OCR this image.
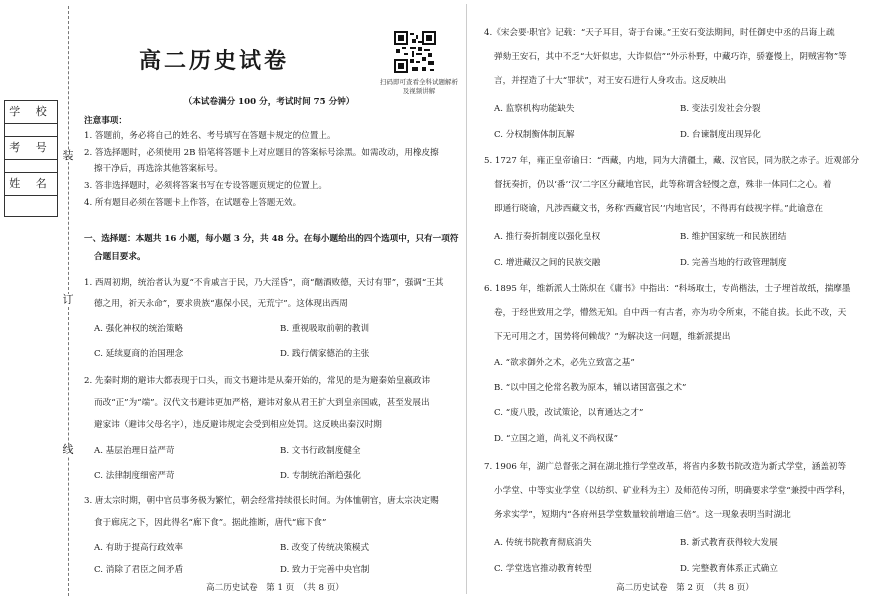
装
订
线
学 校
考 号
姓 名
高二历史试卷
扫码即可查看全科试题解析及视频讲解
（本试卷满分 100 分，考试时间 75 分钟）
注意事项：
1. 答题前，务必将自己的姓名、考号填写在答题卡规定的位置上。
2. 答选择题时，必须使用 2B 铅笔将答题卡上对应题目的答案标号涂黑。如需改动，用橡皮擦
擦干净后，再选涂其他答案标号。
3. 答非选择题时，必须将答案书写在专设答题页规定的位置上。
4. 所有题目必须在答题卡上作答，在试题卷上答题无效。
一、选择题：本题共 16 小题，每小题 3 分，共 48 分。在每小题给出的四个选项中，只有一项符
合题目要求。
1. 西周初期，统治者认为夏“不肯戚言于民，乃大淫昏”，商“酗酒败德，天讨有罪”，强调“王其
德之用，祈天永命”，要求贵族“惠保小民，无荒宁”。这体现出西周
A. 强化神权的统治策略	B. 重视吸取前朝的教训
C. 延续夏商的治国理念	D. 践行儒家德治的主张
2. 先秦时期的避讳大都表现于口头，而文书避讳是从秦开始的，常见的是为避秦始皇嬴政讳
而改“正”为“端”。汉代文书避讳更加严格，避讳对象从君王扩大到皇亲国戚，甚至发展出
避家讳（避讳父母名字），违反避讳规定会受到相应处罚。这反映出秦汉时期
A. 基层治理日益严苛	B. 文书行政制度健全
C. 法律制度细密严苛	D. 专制统治渐趋强化
3. 唐太宗时期，朝中官员事务极为繁忙，朝会经常持续很长时间。为体恤朝官，唐太宗决定赐
食于廊庑之下，因此得名“廊下食”。据此推断，唐代“廊下食”
A. 有助于提高行政效率	B. 改变了传统决策模式
C. 消除了君臣之间矛盾	D. 致力于完善中央官制
4.《宋会要·职官》记载：“天子耳目，寄于台谏。”王安石变法期间，时任御史中丞的吕诲上疏
弹劾王安石，其中不乏“大奸似忠，大诈似信”“外示朴野，中藏巧诈，骄蹇慢上，阴贼害物”等
言，并捏造了十大“罪状”，对王安石进行人身攻击。这反映出
A. 监察机构功能缺失	B. 变法引发社会分裂
C. 分权制衡体制瓦解	D. 台谏制度出现异化
5. 1727 年，雍正皇帝谕曰：“西藏，内地，同为大清疆土，藏、汉官民，同为朕之赤子。近观部分
督抚奏折，仍以‘番’‘汉’二字区分藏地官民，此等称谓含轻慢之意，殊非一体同仁之心。着
即通行晓谕，凡涉西藏文书，务称‘西藏官民’‘内地官民’，不得再有歧视字样。”此谕意在
A. 推行奏折制度以强化皇权	B. 维护国家统一和民族团结
C. 增进藏汉之间的民族交融	D. 完善当地的行政管理制度
6. 1895 年，维新派人士陈炽在《庸书》中指出：“科场取士，专尚楷法，士子埋首故纸，揣摩墨
卷，于经世致用之学，懵然无知。自中西一有古者，亦为功令所束，不能自拔。长此不改，天
下无可用之才，国势将何赖哉？”为解决这一问题，维新派提出
A. “欲求御外之术，必先立致富之基”
B. “以中国之伦常名教为原本，辅以诸国富强之术”
C. “废八股，改试策论，以育通达之才”
D. “立国之道，尚礼义不尚权谋”
7. 1906 年，湖广总督张之洞在湖北推行学堂改革，将省内多数书院改造为新式学堂，涵盖初等
小学堂、中等实业学堂（以纺织、矿业科为主）及师范传习所，明确要求学堂“兼授中西学科，
务求实学”，短期内“各府州县学堂数量较前增逾三倍”。这一现象表明当时湖北
A. 传统书院教育彻底消失	B. 新式教育获得较大发展
C. 学堂选官推动教育转型	D. 完整教育体系正式确立
高二历史试卷　第 1 页　（共 8 页）	高二历史试卷　第 2 页　（共 8 页）
